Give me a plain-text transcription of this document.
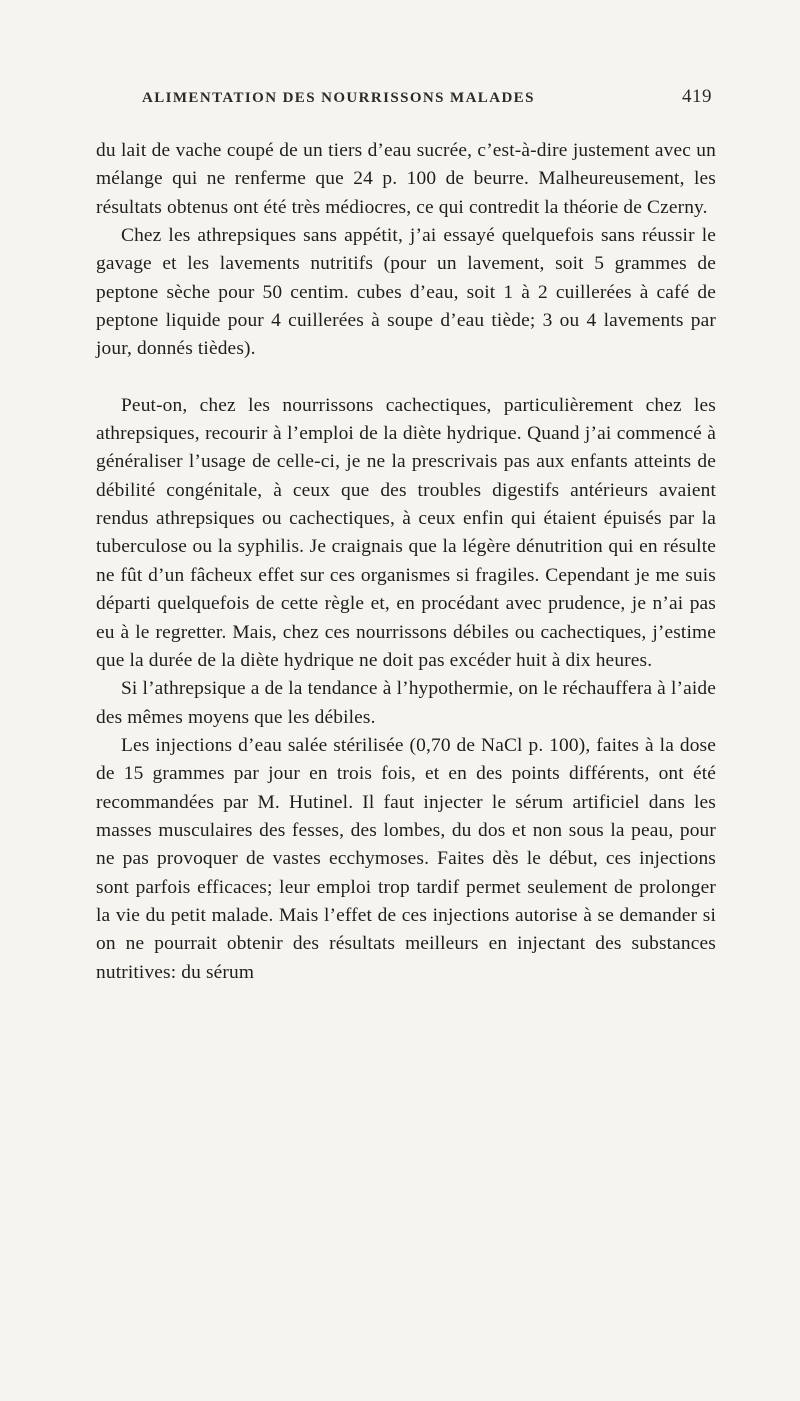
ALIMENTATION DES NOURRISSONS MALADES	419

du lait de vache coupé de un tiers d’eau sucrée, c’est-à-dire justement avec un mélange qui ne renferme que 24 p. 100 de beurre. Malheureusement, les résultats obtenus ont été très médiocres, ce qui contredit la théorie de Czerny.

Chez les athrepsiques sans appétit, j’ai essayé quelquefois sans réussir le gavage et les lavements nutritifs (pour un lavement, soit 5 grammes de peptone sèche pour 50 centim. cubes d’eau, soit 1 à 2 cuillerées à café de peptone liquide pour 4 cuillerées à soupe d’eau tiède; 3 ou 4 lavements par jour, donnés tièdes).

Peut-on, chez les nourrissons cachectiques, particulièrement chez les athrepsiques, recourir à l’emploi de la diète hydrique. Quand j’ai commencé à généraliser l’usage de celle-ci, je ne la prescrivais pas aux enfants atteints de débilité congénitale, à ceux que des troubles digestifs antérieurs avaient rendus athrepsiques ou cachectiques, à ceux enfin qui étaient épuisés par la tuberculose ou la syphilis. Je craignais que la légère dénutrition qui en résulte ne fût d’un fâcheux effet sur ces organismes si fragiles. Cependant je me suis départi quelquefois de cette règle et, en procédant avec prudence, je n’ai pas eu à le regretter. Mais, chez ces nourrissons débiles ou cachectiques, j’estime que la durée de la diète hydrique ne doit pas excéder huit à dix heures.

Si l’athrepsique a de la tendance à l’hypothermie, on le réchauffera à l’aide des mêmes moyens que les débiles.

Les injections d’eau salée stérilisée (0,70 de NaCl p. 100), faites à la dose de 15 grammes par jour en trois fois, et en des points différents, ont été recommandées par M. Hutinel. Il faut injecter le sérum artificiel dans les masses musculaires des fesses, des lombes, du dos et non sous la peau, pour ne pas provoquer de vastes ecchymoses. Faites dès le début, ces injections sont parfois efficaces; leur emploi trop tardif permet seulement de prolonger la vie du petit malade. Mais l’effet de ces injections autorise à se demander si on ne pourrait obtenir des résultats meilleurs en injectant des substances nutritives: du sérum
